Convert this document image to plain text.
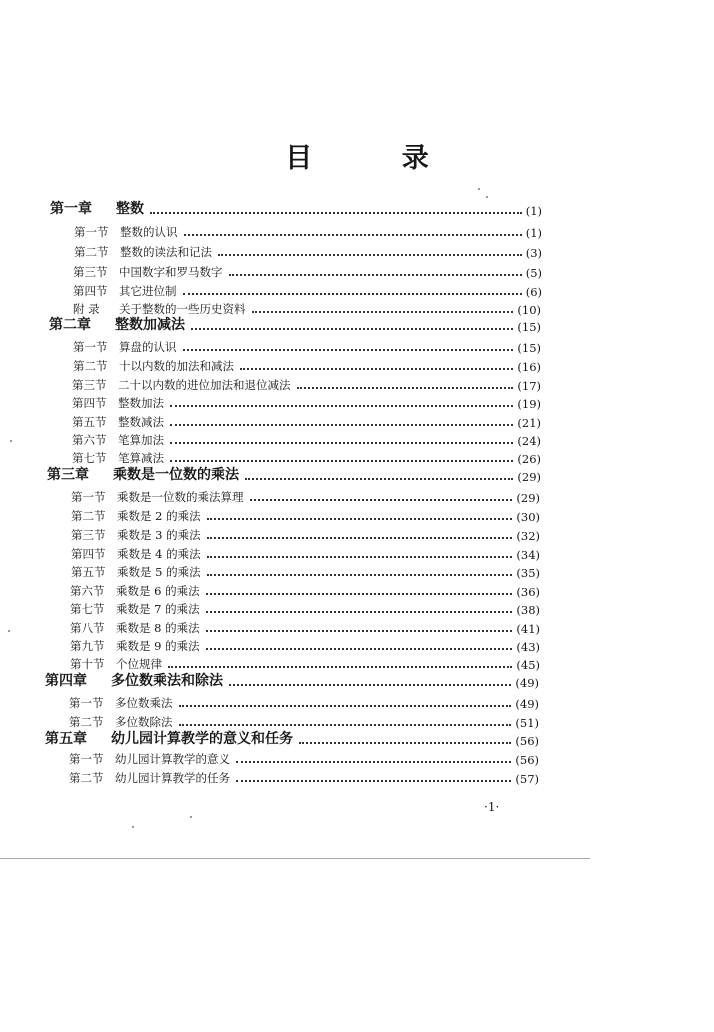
目 录
第一章	整数	(1)
第一节	整数的认识	(1)
第二节	整数的读法和记法	(3)
第三节	中国数字和罗马数字	(5)
第四节	其它进位制	(6)
附 录	关于整数的一些历史资料	(10)
第二章	整数加减法	(15)
第一节	算盘的认识	(15)
第二节	十以内数的加法和减法	(16)
第三节	二十以内数的进位加法和退位减法	(17)
第四节	整数加法	(19)
第五节	整数减法	(21)
第六节	笔算加法	(24)
第七节	笔算减法	(26)
第三章	乘数是一位数的乘法	(29)
第一节	乘数是一位数的乘法算理	(29)
第二节	乘数是 2 的乘法	(30)
第三节	乘数是 3 的乘法	(32)
第四节	乘数是 4 的乘法	(34)
第五节	乘数是 5 的乘法	(35)
第六节	乘数是 6 的乘法	(36)
第七节	乘数是 7 的乘法	(38)
第八节	乘数是 8 的乘法	(41)
第九节	乘数是 9 的乘法	(43)
第十节	个位规律	(45)
第四章	多位数乘法和除法	(49)
第一节	多位数乘法	(49)
第二节	多位数除法	(51)
第五章	幼儿园计算教学的意义和任务	(56)
第一节	幼儿园计算教学的意义	(56)
第二节	幼儿园计算教学的任务	(57)
·1·
